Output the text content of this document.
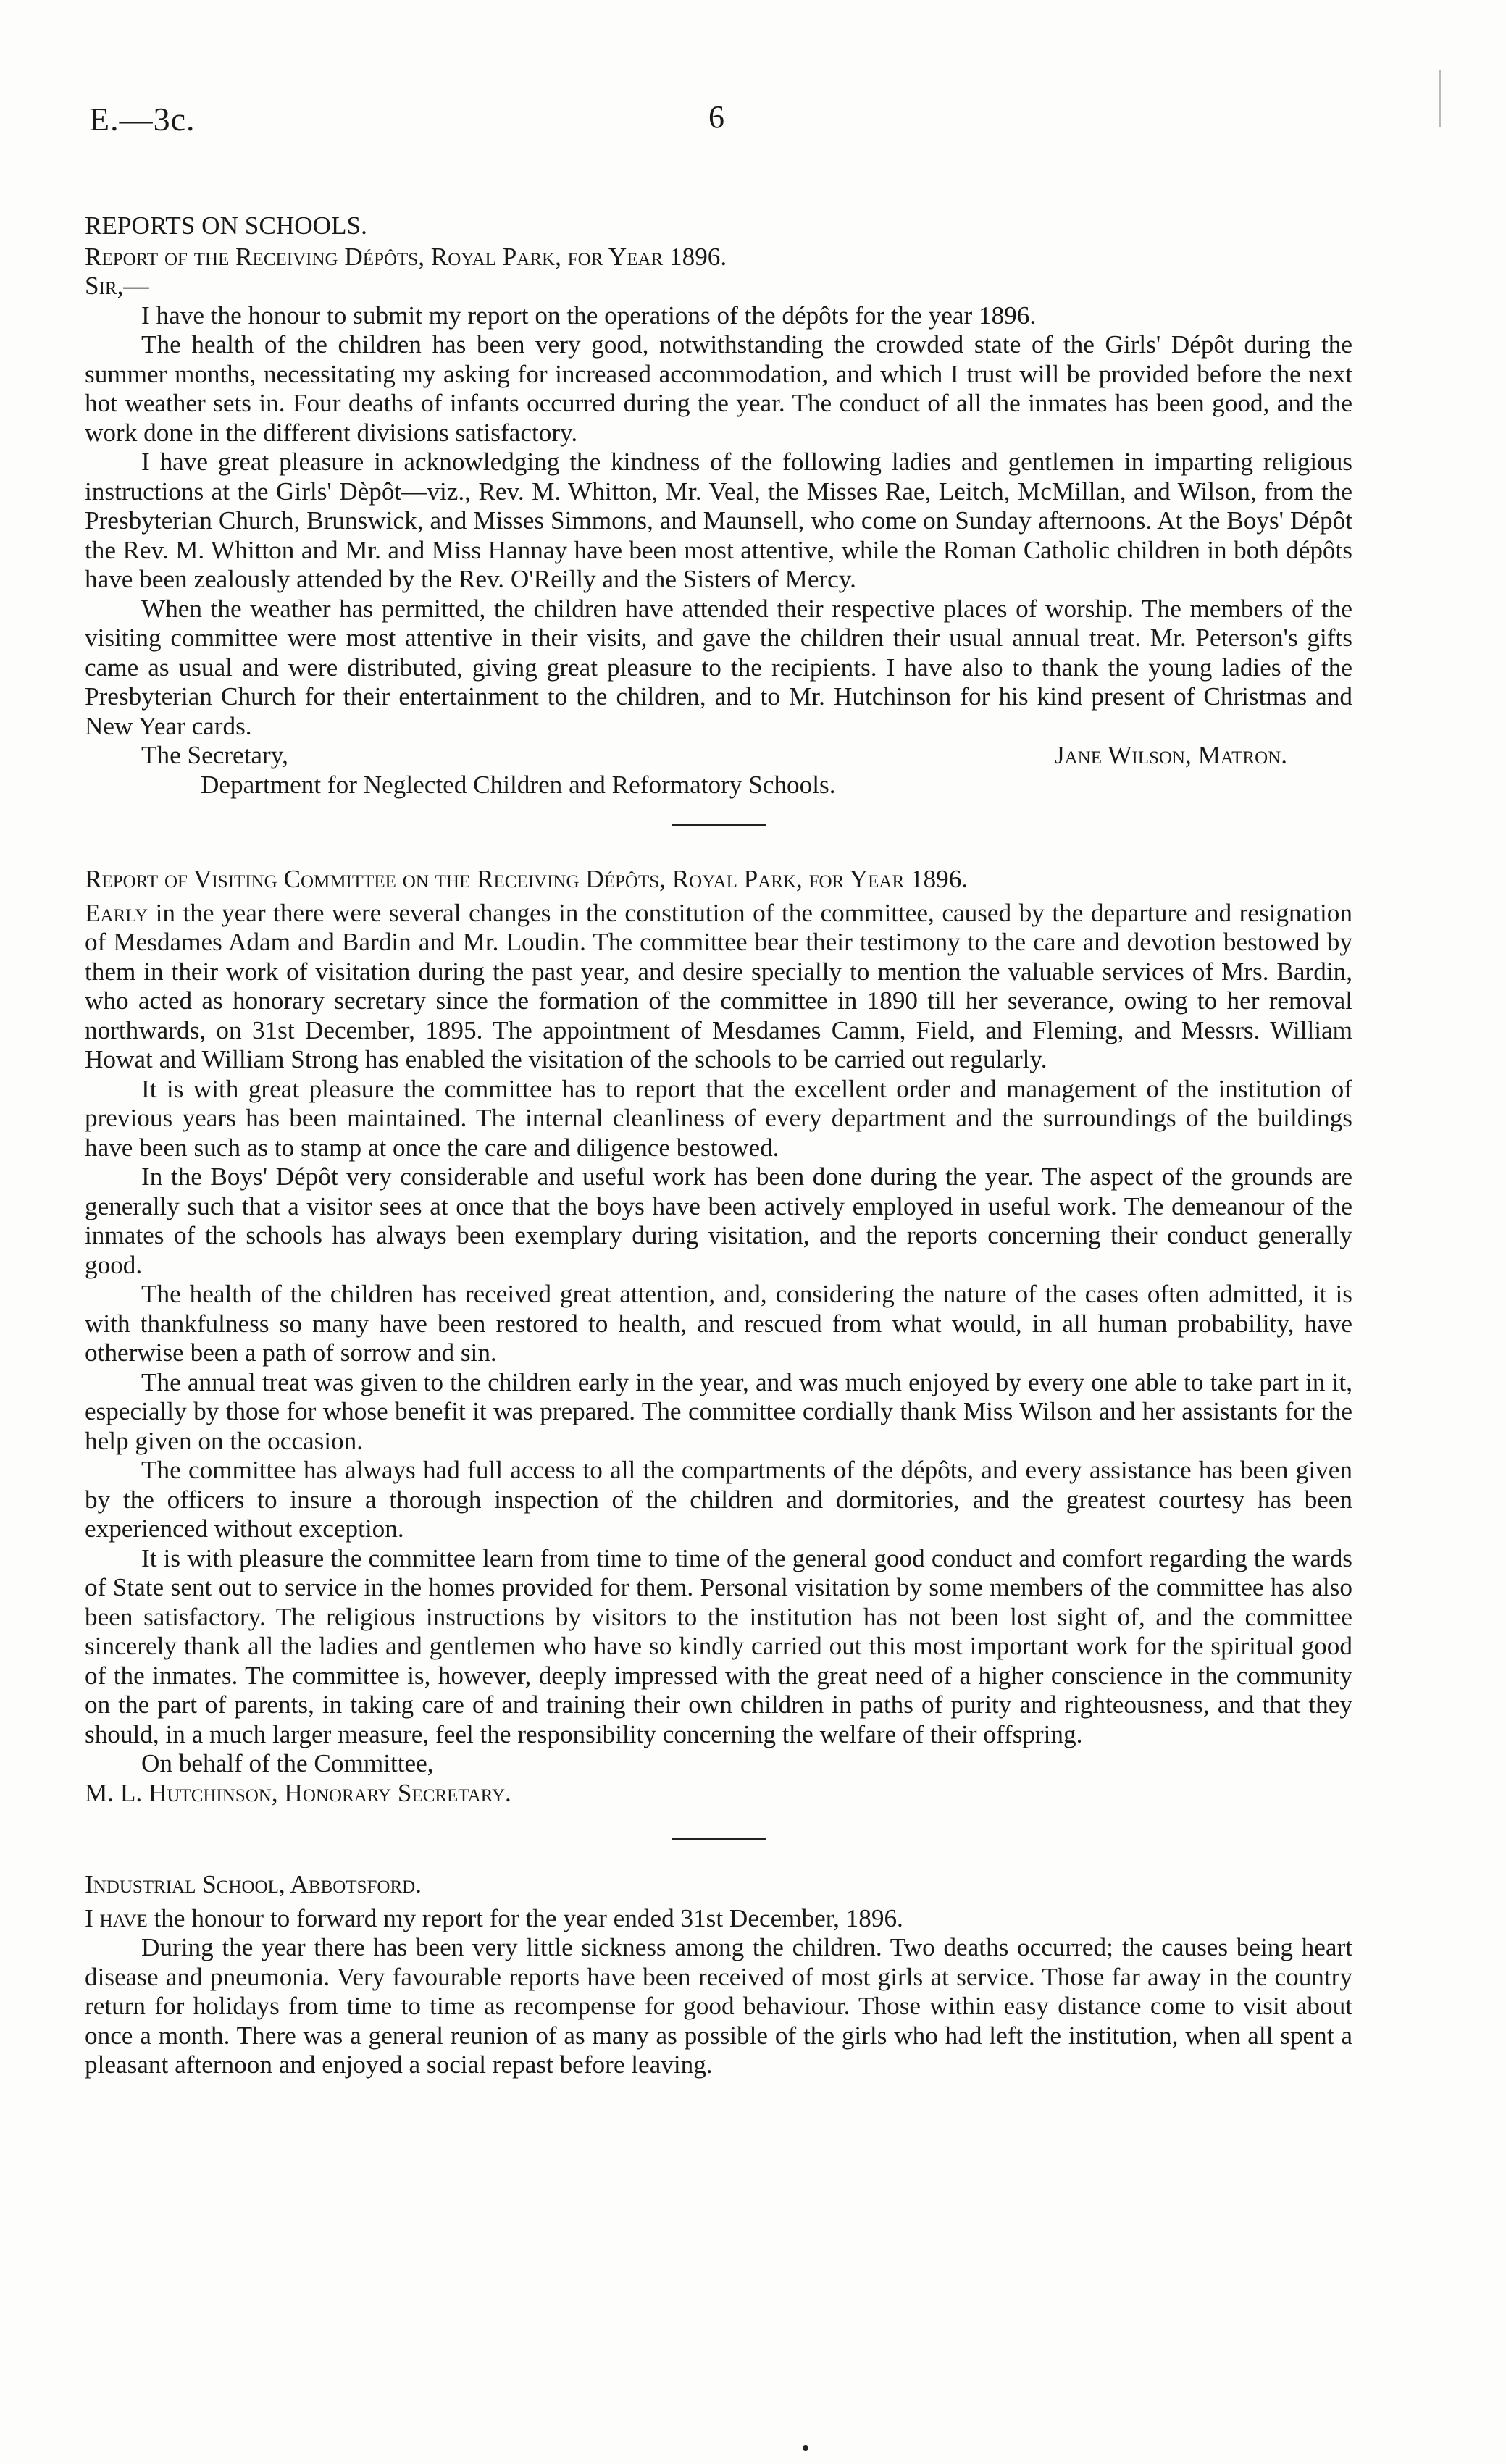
E.—3c.	6

REPORTS ON SCHOOLS.

Report of the Receiving Dépôts, Royal Park, for Year 1896.

Sir,—

I have the honour to submit my report on the operations of the dépôts for the year 1896.

The health of the children has been very good, notwithstanding the crowded state of the Girls' Dépôt during the summer months, necessitating my asking for increased accommodation, and which I trust will be provided before the next hot weather sets in. Four deaths of infants occurred during the year. The conduct of all the inmates has been good, and the work done in the different divisions satisfactory.

I have great pleasure in acknowledging the kindness of the following ladies and gentlemen in imparting religious instructions at the Girls' Dèpôt—viz., Rev. M. Whitton, Mr. Veal, the Misses Rae, Leitch, McMillan, and Wilson, from the Presbyterian Church, Brunswick, and Misses Simmons, and Maunsell, who come on Sunday afternoons. At the Boys' Dépôt the Rev. M. Whitton and Mr. and Miss Hannay have been most attentive, while the Roman Catholic children in both dépôts have been zealously attended by the Rev. O'Reilly and the Sisters of Mercy.

When the weather has permitted, the children have attended their respective places of worship. The members of the visiting committee were most attentive in their visits, and gave the children their usual annual treat. Mr. Peterson's gifts came as usual and were distributed, giving great pleasure to the recipients. I have also to thank the young ladies of the Presbyterian Church for their entertainment to the children, and to Mr. Hutchinson for his kind present of Christmas and New Year cards.

The Secretary,	Jane Wilson, Matron.

Department for Neglected Children and Reformatory Schools.

Report of Visiting Committee on the Receiving Dépôts, Royal Park, for Year 1896.

Early in the year there were several changes in the constitution of the committee, caused by the departure and resignation of Mesdames Adam and Bardin and Mr. Loudin. The committee bear their testimony to the care and devotion bestowed by them in their work of visitation during the past year, and desire specially to mention the valuable services of Mrs. Bardin, who acted as honorary secretary since the formation of the committee in 1890 till her severance, owing to her removal northwards, on 31st December, 1895. The appointment of Mesdames Camm, Field, and Fleming, and Messrs. William Howat and William Strong has enabled the visitation of the schools to be carried out regularly.

It is with great pleasure the committee has to report that the excellent order and management of the institution of previous years has been maintained. The internal cleanliness of every department and the surroundings of the buildings have been such as to stamp at once the care and diligence bestowed.

In the Boys' Dépôt very considerable and useful work has been done during the year. The aspect of the grounds are generally such that a visitor sees at once that the boys have been actively employed in useful work. The demeanour of the inmates of the schools has always been exemplary during visitation, and the reports concerning their conduct generally good.

The health of the children has received great attention, and, considering the nature of the cases often admitted, it is with thankfulness so many have been restored to health, and rescued from what would, in all human probability, have otherwise been a path of sorrow and sin.

The annual treat was given to the children early in the year, and was much enjoyed by every one able to take part in it, especially by those for whose benefit it was prepared. The committee cordially thank Miss Wilson and her assistants for the help given on the occasion.

The committee has always had full access to all the compartments of the dépôts, and every assistance has been given by the officers to insure a thorough inspection of the children and dormitories, and the greatest courtesy has been experienced without exception.

It is with pleasure the committee learn from time to time of the general good conduct and comfort regarding the wards of State sent out to service in the homes provided for them. Personal visitation by some members of the committee has also been satisfactory. The religious instructions by visitors to the institution has not been lost sight of, and the committee sincerely thank all the ladies and gentlemen who have so kindly carried out this most important work for the spiritual good of the inmates. The committee is, however, deeply impressed with the great need of a higher conscience in the community on the part of parents, in taking care of and training their own children in paths of purity and righteousness, and that they should, in a much larger measure, feel the responsibility concerning the welfare of their offspring.

On behalf of the Committee,

M. L. Hutchinson, Honorary Secretary.

Industrial School, Abbotsford.

I have the honour to forward my report for the year ended 31st December, 1896.

During the year there has been very little sickness among the children. Two deaths occurred; the causes being heart disease and pneumonia. Very favourable reports have been received of most girls at service. Those far away in the country return for holidays from time to time as recompense for good behaviour. Those within easy distance come to visit about once a month. There was a general reunion of as many as possible of the girls who had left the institution, when all spent a pleasant afternoon and enjoyed a social repast before leaving.
